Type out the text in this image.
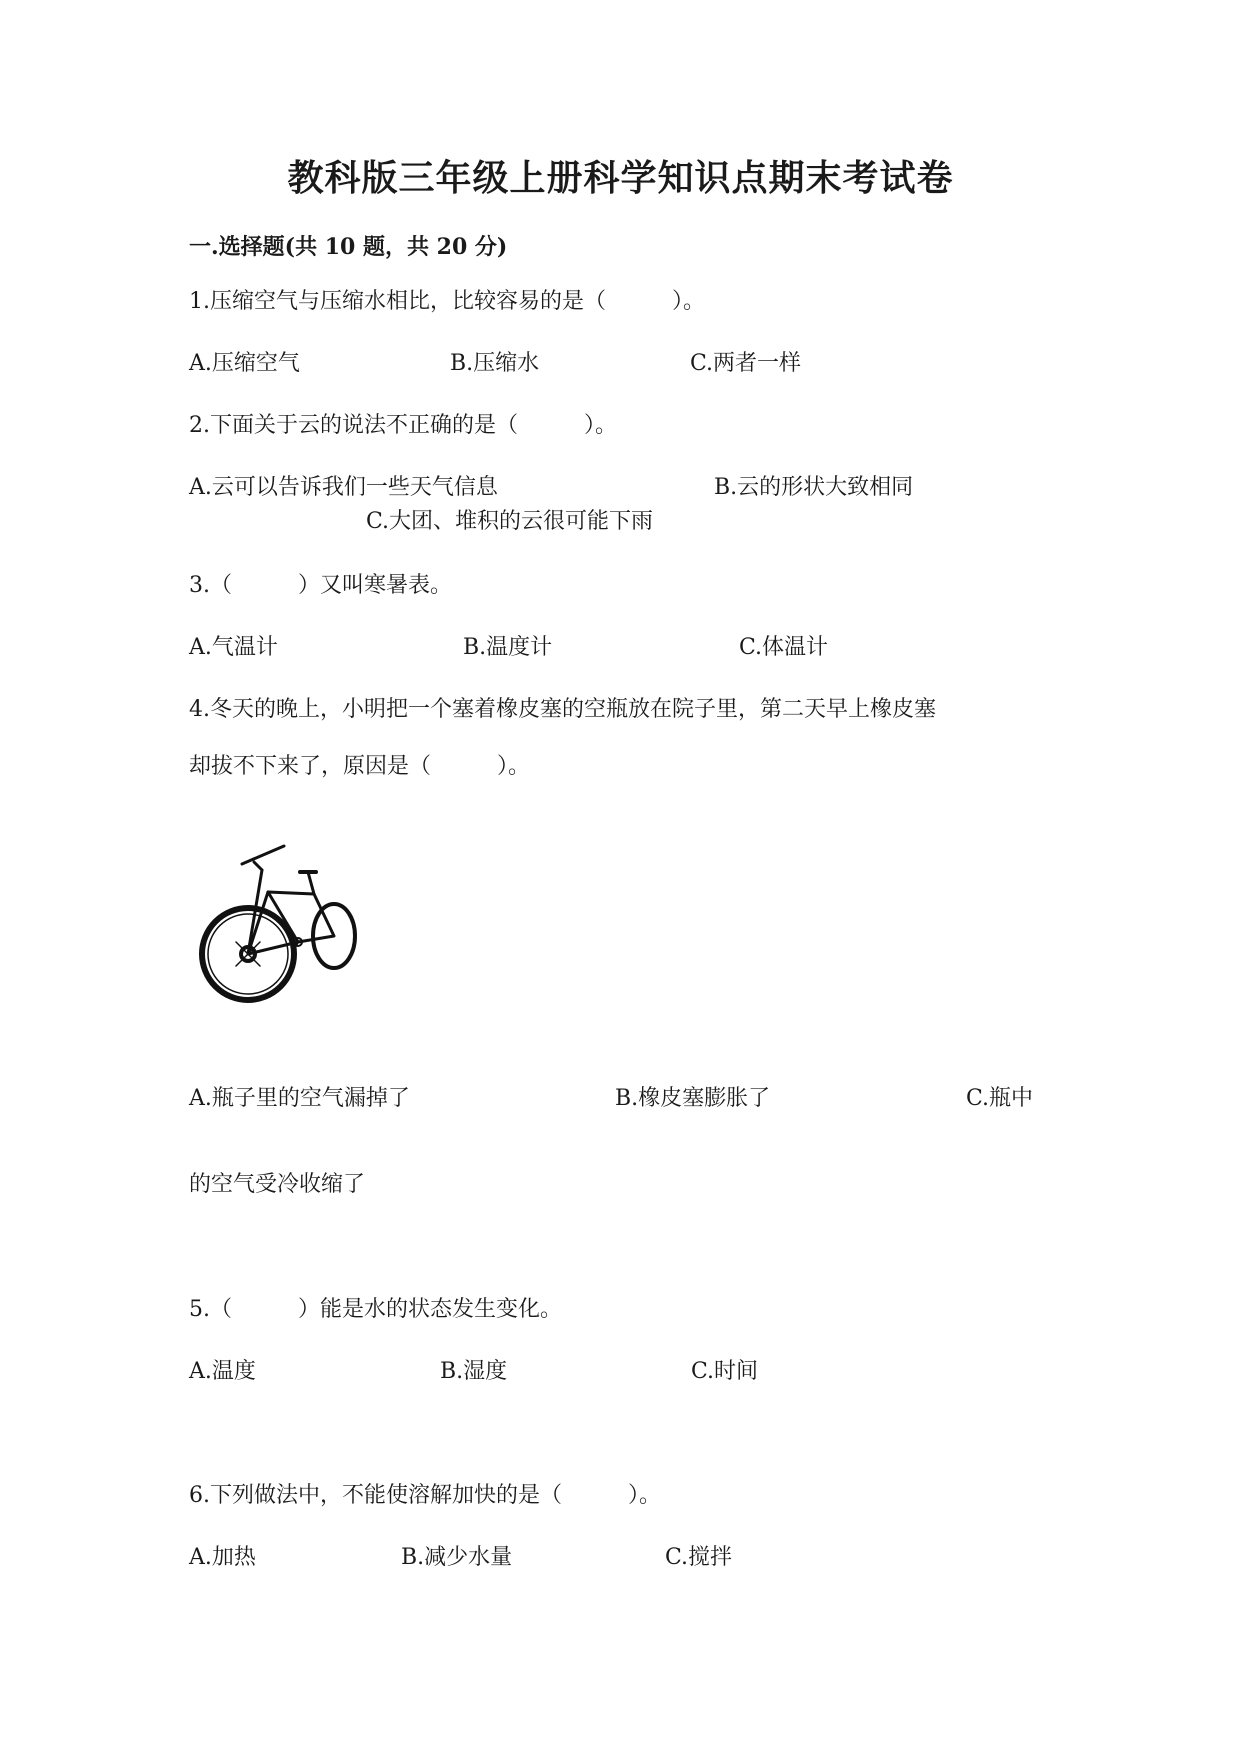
教科版三年级上册科学知识点期末考试卷
一.选择题(共 10 题，共 20 分)
1.压缩空气与压缩水相比，比较容易的是（　　　）。
A.压缩空气	B.压缩水	C.两者一样
2.下面关于云的说法不正确的是（　　　）。
A.云可以告诉我们一些天气信息	B.云的形状大致相同
C.大团、堆积的云很可能下雨
3.（　　　）又叫寒暑表。
A.气温计	B.温度计	C.体温计
4.冬天的晚上，小明把一个塞着橡皮塞的空瓶放在院子里，第二天早上橡皮塞
却拔不下来了，原因是（　　　）。
A.瓶子里的空气漏掉了	B.橡皮塞膨胀了	C.瓶中
的空气受冷收缩了
5.（　　　）能是水的状态发生变化。
A.温度	B.湿度	C.时间
6.下列做法中，不能使溶解加快的是（　　　）。
A.加热	B.减少水量	C.搅拌
